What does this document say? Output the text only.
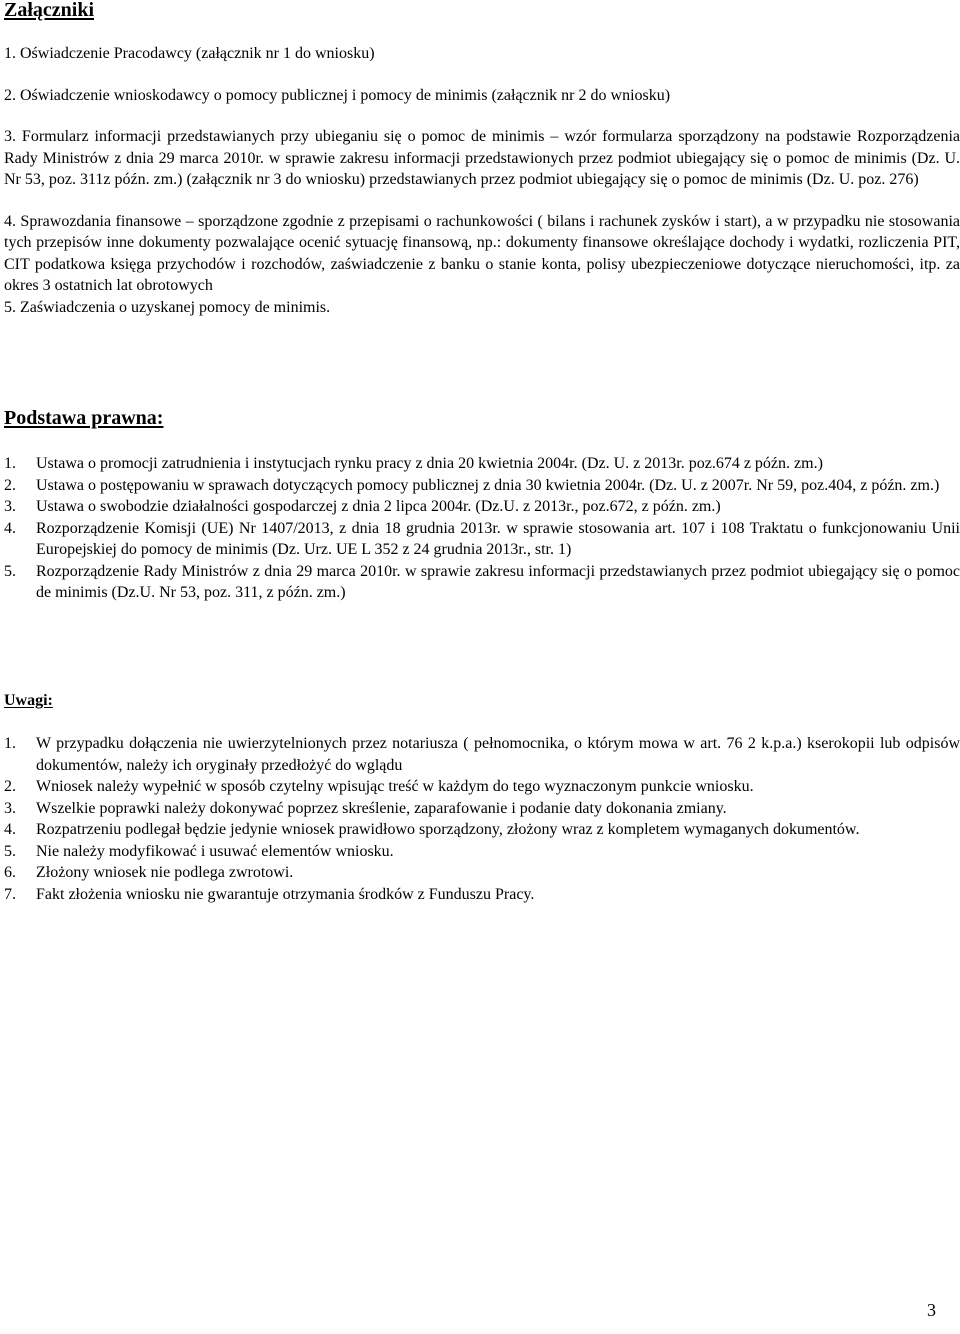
Załączniki

1. Oświadczenie Pracodawcy (załącznik nr 1 do wniosku)

2. Oświadczenie wnioskodawcy o pomocy publicznej i pomocy de minimis (załącznik nr 2 do wniosku)

3. Formularz informacji przedstawianych przy ubieganiu się o pomoc de minimis – wzór formularza sporządzony na podstawie Rozporządzenia Rady Ministrów z dnia 29 marca 2010r. w sprawie zakresu informacji przedstawionych przez podmiot ubiegający się o pomoc de minimis (Dz. U. Nr 53, poz. 311z późn. zm.) (załącznik nr 3 do wniosku) przedstawianych przez podmiot ubiegający się o pomoc de minimis (Dz. U. poz. 276)

4. Sprawozdania finansowe – sporządzone zgodnie z przepisami o rachunkowości ( bilans i rachunek zysków i start), a w przypadku nie stosowania tych przepisów inne dokumenty pozwalające ocenić sytuację finansową, np.: dokumenty finansowe określające dochody i wydatki, rozliczenia PIT, CIT podatkowa księga przychodów i rozchodów, zaświadczenie z banku o stanie konta, polisy ubezpieczeniowe dotyczące nieruchomości, itp. za okres 3 ostatnich lat obrotowych

5. Zaświadczenia o uzyskanej pomocy de minimis.

Podstawa prawna:
1. Ustawa o promocji zatrudnienia i instytucjach rynku pracy z dnia 20 kwietnia 2004r. (Dz. U. z 2013r. poz.674 z późn. zm.)
2. Ustawa o postępowaniu w sprawach dotyczących pomocy publicznej z dnia 30 kwietnia 2004r. (Dz. U. z 2007r. Nr 59, poz.404, z późn. zm.)
3. Ustawa o swobodzie działalności gospodarczej z dnia 2 lipca 2004r. (Dz.U. z 2013r., poz.672, z późn. zm.)
4. Rozporządzenie Komisji (UE) Nr 1407/2013, z dnia 18 grudnia 2013r. w sprawie stosowania art. 107 i 108 Traktatu o funkcjonowaniu Unii Europejskiej do pomocy de minimis (Dz. Urz. UE L 352 z 24 grudnia 2013r., str. 1)
5. Rozporządzenie Rady Ministrów z dnia 29 marca 2010r. w sprawie zakresu informacji przedstawianych przez podmiot ubiegający się o pomoc de minimis (Dz.U. Nr 53, poz. 311, z późn. zm.)
Uwagi:
1. W przypadku dołączenia nie uwierzytelnionych przez notariusza ( pełnomocnika, o którym mowa w art. 76 2 k.p.a.) kserokopii lub odpisów dokumentów, należy ich oryginały przedłożyć do wglądu
2. Wniosek należy wypełnić w sposób czytelny wpisując treść w każdym do tego wyznaczonym punkcie wniosku.
3. Wszelkie poprawki należy dokonywać poprzez skreślenie, zaparafowanie i podanie daty dokonania zmiany.
4. Rozpatrzeniu podlegał będzie jedynie wniosek prawidłowo sporządzony, złożony wraz z kompletem wymaganych dokumentów.
5. Nie należy modyfikować i usuwać elementów wniosku.
6. Złożony wniosek nie podlega zwrotowi.
7. Fakt złożenia wniosku nie gwarantuje otrzymania środków z Funduszu Pracy.
3
